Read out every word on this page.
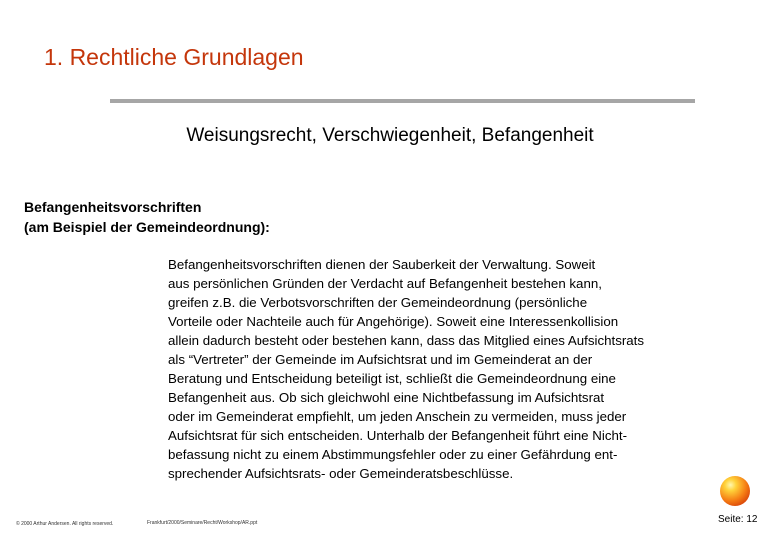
1. Rechtliche Grundlagen
Weisungsrecht, Verschwiegenheit, Befangenheit
Befangenheitsvorschriften
(am Beispiel der Gemeindeordnung):
Befangenheitsvorschriften dienen der Sauberkeit der Verwaltung. Soweit
aus persönlichen Gründen der Verdacht auf Befangenheit bestehen kann,
greifen z.B. die Verbotsvorschriften der Gemeindeordnung (persönliche
Vorteile oder Nachteile auch für Angehörige). Soweit eine Interessenkollision
allein dadurch besteht oder bestehen kann, dass das Mitglied eines Aufsichtsrats
als “Vertreter” der Gemeinde im Aufsichtsrat und im Gemeinderat an der
Beratung und Entscheidung beteiligt ist, schließt die Gemeindeordnung eine
Befangenheit aus. Ob sich gleichwohl eine Nichtbefassung im Aufsichtsrat
oder im Gemeinderat empfiehlt, um jeden Anschein zu vermeiden, muss jeder
Aufsichtsrat für sich entscheiden. Unterhalb der Befangenheit führt eine Nicht-
befassung nicht zu einem Abstimmungsfehler oder zu einer Gefährdung ent-
sprechender Aufsichtsrats- oder Gemeinderatsbeschlüsse.
© 2000 Arthur Andersen. All rights reserved.	Frankfurt/2000/Seminare/Recht/Workshop/AR.ppt	Seite: 12
